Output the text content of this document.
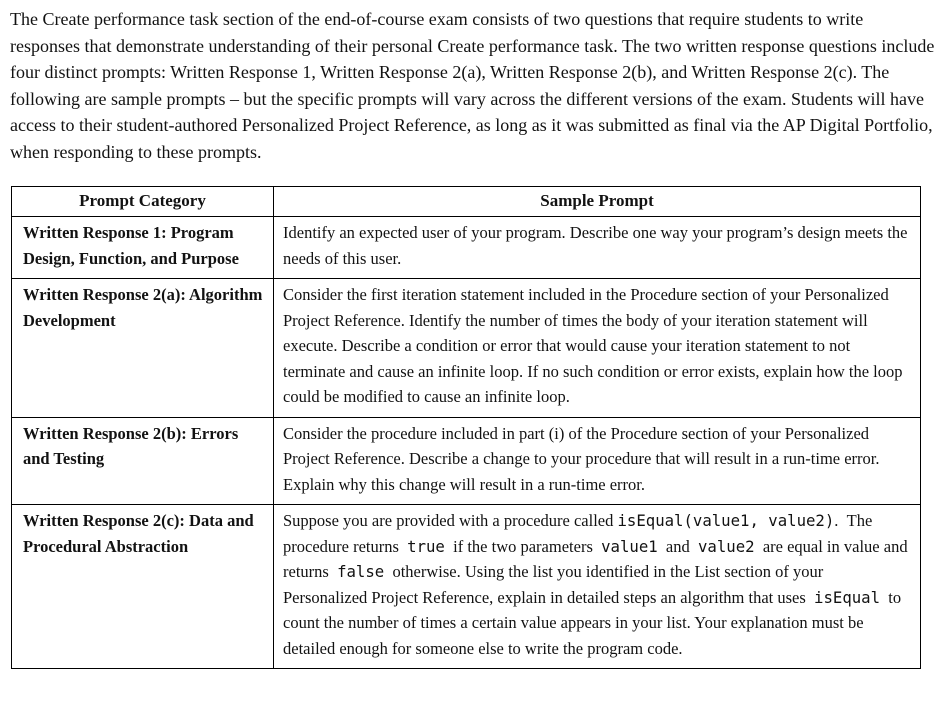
The Create performance task section of the end-of-course exam consists of two questions that require students to write responses that demonstrate understanding of their personal Create performance task. The two written response questions include four distinct prompts: Written Response 1, Written Response 2(a), Written Response 2(b), and Written Response 2(c). The following are sample prompts – but the specific prompts will vary across the different versions of the exam. Students will have access to their student-authored Personalized Project Reference, as long as it was submitted as final via the AP Digital Portfolio, when responding to these prompts.

Prompt Category	Sample Prompt
Written Response 1: Program Design, Function, and Purpose	Identify an expected user of your program. Describe one way your program’s design meets the needs of this user.
Written Response 2(a): Algorithm Development	Consider the first iteration statement included in the Procedure section of your Personalized Project Reference. Identify the number of times the body of your iteration statement will execute. Describe a condition or error that would cause your iteration statement to not terminate and cause an infinite loop. If no such condition or error exists, explain how the loop could be modified to cause an infinite loop.
Written Response 2(b): Errors and Testing	Consider the procedure included in part (i) of the Procedure section of your Personalized Project Reference. Describe a change to your procedure that will result in a run-time error. Explain why this change will result in a run-time error.
Written Response 2(c): Data and Procedural Abstraction	Suppose you are provided with a procedure called isEqual(value1, value2). The procedure returns true if the two parameters value1 and value2 are equal in value and returns false otherwise. Using the list you identified in the List section of your Personalized Project Reference, explain in detailed steps an algorithm that uses isEqual to count the number of times a certain value appears in your list. Your explanation must be detailed enough for someone else to write the program code.
